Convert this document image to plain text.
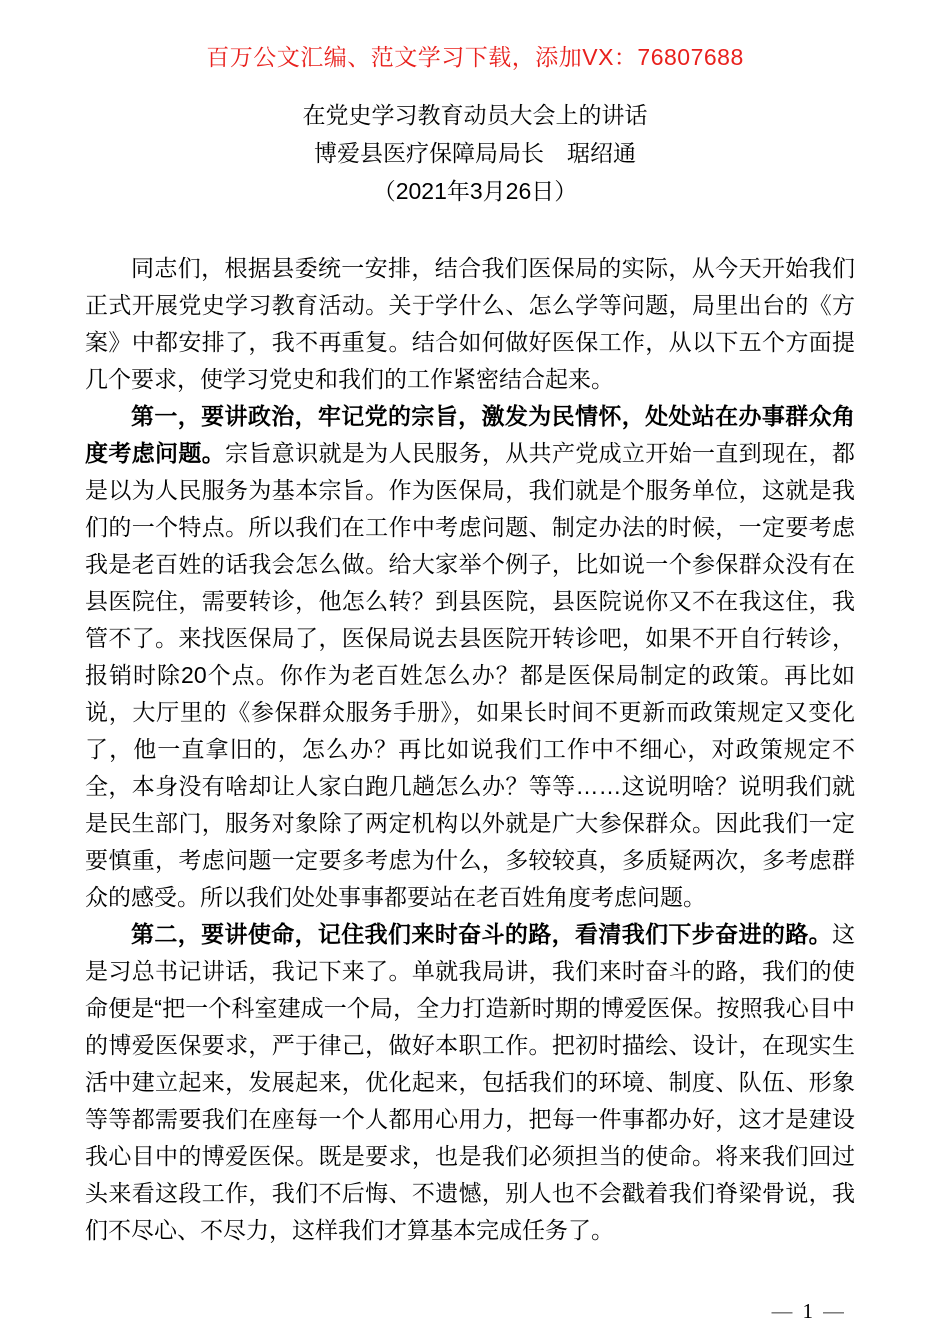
百万公文汇编、范文学习下载，添加VX：76807688
在党史学习教育动员大会上的讲话
博爱县医疗保障局局长　琚绍通
（2021年3月26日）

同志们，根据县委统一安排，结合我们医保局的实际，从今天开始我们正式开展党史学习教育活动。关于学什么、怎么学等问题，局里出台的《方案》中都安排了，我不再重复。结合如何做好医保工作，从以下五个方面提几个要求，使学习党史和我们的工作紧密结合起来。

第一，要讲政治，牢记党的宗旨，激发为民情怀，处处站在办事群众角度考虑问题。宗旨意识就是为人民服务，从共产党成立开始一直到现在，都是以为人民服务为基本宗旨。作为医保局，我们就是个服务单位，这就是我们的一个特点。所以我们在工作中考虑问题、制定办法的时候，一定要考虑我是老百姓的话我会怎么做。给大家举个例子，比如说一个参保群众没有在县医院住，需要转诊，他怎么转？到县医院，县医院说你又不在我这住，我管不了。来找医保局了，医保局说去县医院开转诊吧，如果不开自行转诊，报销时除20个点。你作为老百姓怎么办？都是医保局制定的政策。再比如说，大厅里的《参保群众服务手册》，如果长时间不更新而政策规定又变化了，他一直拿旧的，怎么办？再比如说我们工作中不细心，对政策规定不全，本身没有啥却让人家白跑几趟怎么办？等等……这说明啥？说明我们就是民生部门，服务对象除了两定机构以外就是广大参保群众。因此我们一定要慎重，考虑问题一定要多考虑为什么，多较较真，多质疑两次，多考虑群众的感受。所以我们处处事事都要站在老百姓角度考虑问题。

第二，要讲使命，记住我们来时奋斗的路，看清我们下步奋进的路。这是习总书记讲话，我记下来了。单就我局讲，我们来时奋斗的路，我们的使命便是“把一个科室建成一个局，全力打造新时期的博爱医保。按照我心目中的博爱医保要求，严于律己，做好本职工作。把初时描绘、设计，在现实生活中建立起来，发展起来，优化起来，包括我们的环境、制度、队伍、形象等等都需要我们在座每一个人都用心用力，把每一件事都办好，这才是建设我心目中的博爱医保。既是要求，也是我们必须担当的使命。将来我们回过头来看这段工作，我们不后悔、不遗憾，别人也不会戳着我们脊梁骨说，我们不尽心、不尽力，这样我们才算基本完成任务了。

— 1 —
